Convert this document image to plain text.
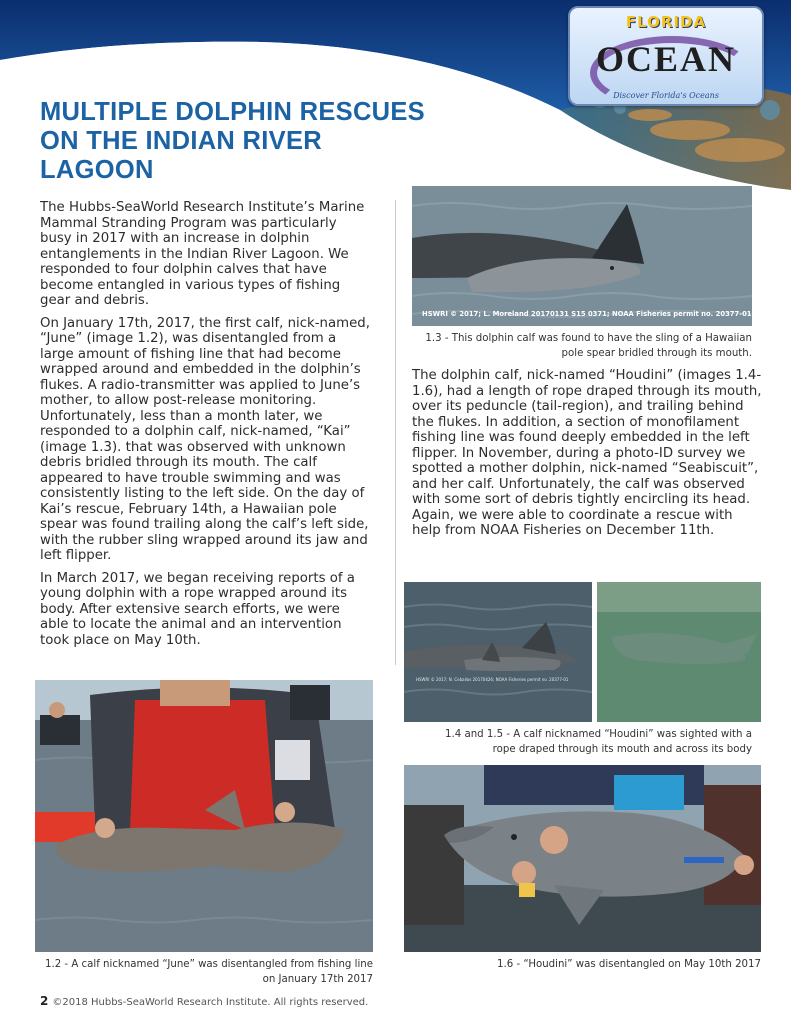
FLORIDA
OCEAN
Discover Florida's Oceans
MULTIPLE DOLPHIN RESCUES ON THE INDIAN RIVER LAGOON

The Hubbs-SeaWorld Research Institute’s Marine Mammal Stranding Program was particularly busy in 2017 with an increase in dolphin entanglements in the Indian River Lagoon. We responded to four dolphin calves that have become entangled in various types of fishing gear and debris.

On January 17th, 2017, the first calf, nick-named, “June” (image 1.2), was disentangled from a large amount of fishing line that had become wrapped around and embedded in the dolphin’s flukes. A radio-transmitter was applied to June’s mother, to allow post-release monitoring. Unfortunately, less than a month later, we responded to a dolphin calf, nick-named, “Kai” (image 1.3). that was observed with unknown debris bridled through its mouth. The calf appeared to have trouble swimming and was consistently listing to the left side. On the day of Kai’s rescue, February 14th, a Hawaiian pole spear was found trailing along the calf’s left side, with the rubber sling wrapped around its jaw and left flipper.

In March 2017, we began receiving reports of a young dolphin with a rope wrapped around its body. After extensive search efforts, we were able to locate the animal and an intervention took place on May 10th.

HSWRI © 2017; L. Moreland 20170131 S15 0371; NOAA Fisheries permit no. 20377-01
1.3 - This dolphin calf was found to have the sling of a Hawaiian
pole spear bridled through its mouth.

The dolphin calf, nick-named “Houdini” (images 1.4-1.6), had a length of rope draped through its mouth, over its peduncle (tail-region), and trailing behind the flukes. In addition, a section of monofilament fishing line was found deeply embedded in the left flipper. In November, during a photo-ID survey we spotted a mother dolphin, nick-named “Seabiscuit”, and her calf. Unfortunately, the calf was observed with some sort of debris tightly encircling its head. Again, we were able to coordinate a rescue with help from NOAA Fisheries on December 11th.

HSWRI © 2017; N. Ceballos 20170426; NOAA Fisheries permit no. 20377-01
1.4 and 1.5 - A calf nicknamed “Houdini” was sighted with a
rope draped through its mouth and across its body
1.2 - A calf nicknamed “June” was disentangled from fishing line
on January 17th 2017
1.6 - “Houdini” was disentangled on May 10th 2017
2 ©2018 Hubbs-SeaWorld Research Institute. All rights reserved.
